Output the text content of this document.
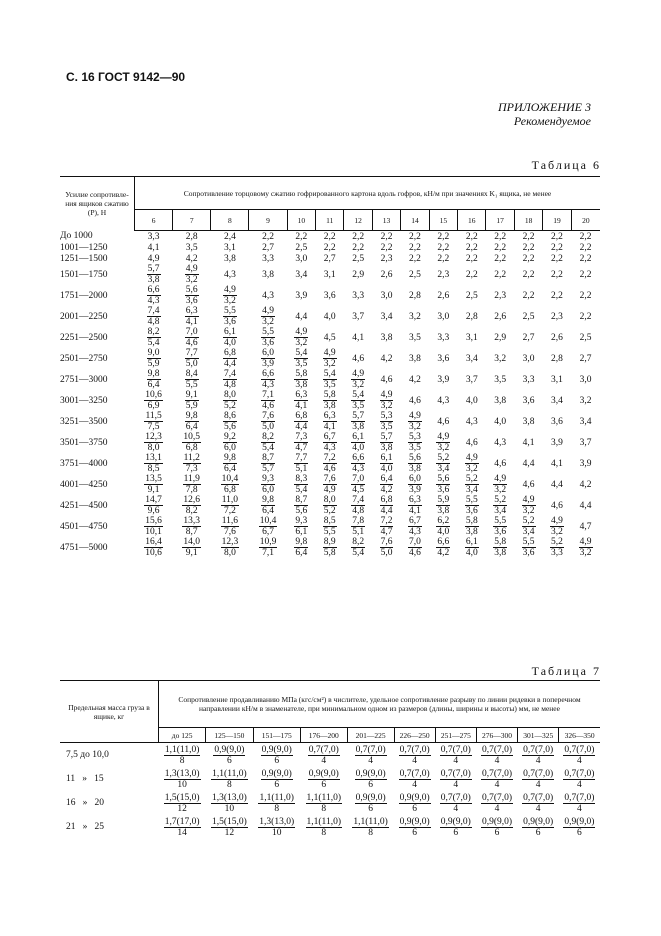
С. 16 ГОСТ 9142—90
ПРИЛОЖЕНИЕ 3
Рекомендуемое
Таблица 6
Усилие сопротивле-ния ящиков сжатию (P), Н	Сопротивление торцовому сжатию гофрированного картона вдоль гофров, кН/м при значениях K₁ ящика, не менее														
	6	7	8	9	10	11	12	13	14	15	16	17	18	19	20
До 1000	3,3	2,8	2,4	2,2	2,2	2,2	2,2	2,2	2,2	2,2	2,2	2,2	2,2	2,2	2,2
1001—1250	4,1	3,5	3,1	2,7	2,5	2,2	2,2	2,2	2,2	2,2	2,2	2,2	2,2	2,2	2,2
1251—1500	4,9	4,2	3,8	3,3	3,0	2,7	2,5	2,3	2,2	2,2	2,2	2,2	2,2	2,2	2,2
1501—1750	$\frac{5,7}{3,8}$	$\frac{4,9}{3,2}$	4,3	3,8	3,4	3,1	2,9	2,6	2,5	2,3	2,2	2,2	2,2	2,2	2,2
1751—2000	$\frac{6,6}{4,3}$	$\frac{5,6}{3,6}$	$\frac{4,9}{3,2}$	4,3	3,9	3,6	3,3	3,0	2,8	2,6	2,5	2,3	2,2	2,2	2,2
2001—2250	$\frac{7,4}{4,8}$	$\frac{6,3}{4,1}$	$\frac{5,5}{3,6}$	$\frac{4,9}{3,2}$	4,4	4,0	3,7	3,4	3,2	3,0	2,8	2,6	2,5	2,3	2,2
2251—2500	$\frac{8,2}{5,4}$	$\frac{7,0}{4,6}$	$\frac{6,1}{4,0}$	$\frac{5,5}{3,6}$	$\frac{4,9}{3,2}$	4,5	4,1	3,8	3,5	3,3	3,1	2,9	2,7	2,6	2,5
2501—2750	$\frac{9,0}{5,9}$	$\frac{7,7}{5,0}$	$\frac{6,8}{4,4}$	$\frac{6,0}{3,9}$	$\frac{5,4}{3,5}$	$\frac{4,9}{3,2}$	4,6	4,2	3,8	3,6	3,4	3,2	3,0	2,8	2,7
2751—3000	$\frac{9,8}{6,4}$	$\frac{8,4}{5,5}$	$\frac{7,4}{4,8}$	$\frac{6,6}{4,3}$	$\frac{5,8}{3,8}$	$\frac{5,4}{3,5}$	$\frac{4,9}{3,2}$	4,6	4,2	3,9	3,7	3,5	3,3	3,1	3,0
3001—3250	$\frac{10,6}{6,9}$	$\frac{9,1}{5,9}$	$\frac{8,0}{5,2}$	$\frac{7,1}{4,6}$	$\frac{6,3}{4,1}$	$\frac{5,8}{3,8}$	$\frac{5,4}{3,5}$	$\frac{4,9}{3,2}$	4,6	4,3	4,0	3,8	3,6	3,4	3,2
3251—3500	$\frac{11,5}{7,5}$	$\frac{9,8}{6,4}$	$\frac{8,6}{5,6}$	$\frac{7,6}{5,0}$	$\frac{6,8}{4,4}$	$\frac{6,3}{4,1}$	$\frac{5,7}{3,8}$	$\frac{5,3}{3,5}$	$\frac{4,9}{3,2}$	4,6	4,3	4,0	3,8	3,6	3,4
3501—3750	$\frac{12,3}{8,0}$	$\frac{10,5}{6,8}$	$\frac{9,2}{6,0}$	$\frac{8,2}{5,4}$	$\frac{7,3}{4,7}$	$\frac{6,7}{4,3}$	$\frac{6,1}{4,0}$	$\frac{5,7}{3,8}$	$\frac{5,3}{3,5}$	$\frac{4,9}{3,2}$	4,6	4,3	4,1	3,9	3,7
3751—4000	$\frac{13,1}{8,5}$	$\frac{11,2}{7,3}$	$\frac{9,8}{6,4}$	$\frac{8,7}{5,7}$	$\frac{7,7}{5,1}$	$\frac{7,2}{4,6}$	$\frac{6,6}{4,3}$	$\frac{6,1}{4,0}$	$\frac{5,6}{3,8}$	$\frac{5,2}{3,4}$	$\frac{4,9}{3,2}$	4,6	4,4	4,1	3,9
4001—4250	$\frac{13,5}{9,1}$	$\frac{11,9}{7,8}$	$\frac{10,4}{6,8}$	$\frac{9,3}{6,0}$	$\frac{8,3}{5,4}$	$\frac{7,6}{4,9}$	$\frac{7,0}{4,5}$	$\frac{6,4}{4,2}$	$\frac{6,0}{3,9}$	$\frac{5,6}{3,6}$	$\frac{5,2}{3,4}$	$\frac{4,9}{3,2}$	4,6	4,4	4,2
4251—4500	$\frac{14,7}{9,6}$	$\frac{12,6}{8,2}$	$\frac{11,0}{7,2}$	$\frac{9,8}{6,4}$	$\frac{8,7}{5,6}$	$\frac{8,0}{5,2}$	$\frac{7,4}{4,8}$	$\frac{6,8}{4,4}$	$\frac{6,3}{4,1}$	$\frac{5,9}{3,8}$	$\frac{5,5}{3,6}$	$\frac{5,2}{3,4}$	$\frac{4,9}{3,2}$	4,6	4,4
4501—4750	$\frac{15,6}{10,1}$	$\frac{13,3}{8,7}$	$\frac{11,6}{7,6}$	$\frac{10,4}{6,7}$	$\frac{9,3}{6,1}$	$\frac{8,5}{5,5}$	$\frac{7,8}{5,1}$	$\frac{7,2}{4,7}$	$\frac{6,7}{4,3}$	$\frac{6,2}{4,0}$	$\frac{5,8}{3,8}$	$\frac{5,5}{3,6}$	$\frac{5,2}{3,4}$	$\frac{4,9}{3,2}$	4,7
4751—5000	$\frac{16,4}{10,6}$	$\frac{14,0}{9,1}$	$\frac{12,3}{8,0}$	$\frac{10,9}{7,1}$	$\frac{9,8}{6,4}$	$\frac{8,9}{5,8}$	$\frac{8,2}{5,4}$	$\frac{7,6}{5,0}$	$\frac{7,0}{4,6}$	$\frac{6,6}{4,2}$	$\frac{6,1}{4,0}$	$\frac{5,8}{3,8}$	$\frac{5,5}{3,6}$	$\frac{5,2}{3,3}$	$\frac{4,9}{3,2}$
Таблица 7
Предельная масса груза в ящике, кг	Сопротивление продавливанию МПа (кгс/см²) в числителе, удельное сопротивление разрыву по линии ридевки в поперечном направлении кН/м в знаменателе, при минимальном одном из размеров (длины, ширины и высоты) мм, не менее									
	до 125	125—150	151—175	176—200	201—225	226—250	251—275	276—300	301—325	326—350
7,5 до 10,0	$\frac{1,1(11,0)}{8}$	$\frac{0,9(9,0)}{6}$	$\frac{0,9(9,0)}{6}$	$\frac{0,7(7,0)}{4}$	$\frac{0,7(7,0)}{4}$	$\frac{0,7(7,0)}{4}$	$\frac{0,7(7,0)}{4}$	$\frac{0,7(7,0)}{4}$	$\frac{0,7(7,0)}{4}$	$\frac{0,7(7,0)}{4}$

11   »   15	$\frac{1,3(13,0)}{10}$	$\frac{1,1(11,0)}{8}$	$\frac{0,9(9,0)}{6}$	$\frac{0,9(9,0)}{6}$	$\frac{0,9(9,0)}{6}$	$\frac{0,7(7,0)}{4}$	$\frac{0,7(7,0)}{4}$	$\frac{0,7(7,0)}{4}$	$\frac{0,7(7,0)}{4}$	$\frac{0,7(7,0)}{4}$

16   »   20	$\frac{1,5(15,0)}{12}$	$\frac{1,3(13,0)}{10}$	$\frac{1,1(11,0)}{8}$	$\frac{1,1(11,0)}{8}$	$\frac{0,9(9,0)}{6}$	$\frac{0,9(9,0)}{6}$	$\frac{0,7(7,0)}{4}$	$\frac{0,7(7,0)}{4}$	$\frac{0,7(7,0)}{4}$	$\frac{0,7(7,0)}{4}$

21   »   25	$\frac{1,7(17,0)}{14}$	$\frac{1,5(15,0)}{12}$	$\frac{1,3(13,0)}{10}$	$\frac{1,1(11,0)}{8}$	$\frac{1,1(11,0)}{8}$	$\frac{0,9(9,0)}{6}$	$\frac{0,9(9,0)}{6}$	$\frac{0,9(9,0)}{6}$	$\frac{0,9(9,0)}{6}$	$\frac{0,9(9,0)}{6}$
